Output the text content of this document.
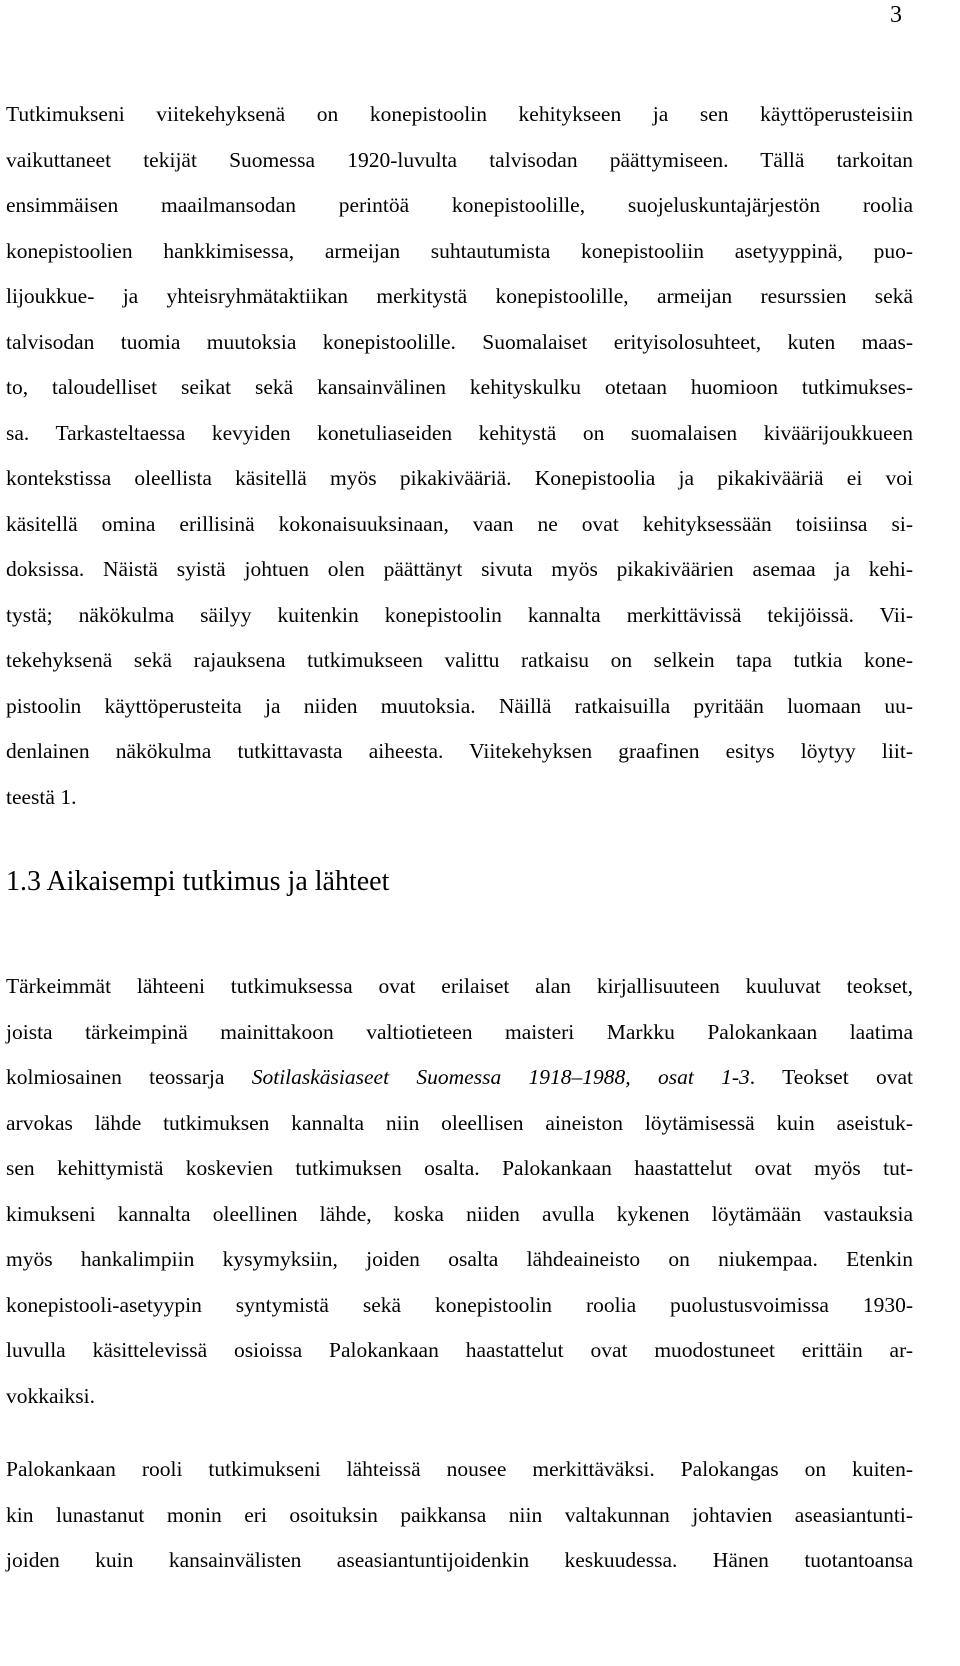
3
Tutkimukseni viitekehyksenä on konepistoolin kehitykseen ja sen käyttöperusteisiin
vaikuttaneet tekijät Suomessa 1920-luvulta talvisodan päättymiseen. Tällä tarkoitan
ensimmäisen maailmansodan perintöä konepistoolille, suojeluskuntajärjestön roolia
konepistoolien hankkimisessa, armeijan suhtautumista konepistooliin asetyyppinä, puo-
lijoukkue- ja yhteisryhmätaktiikan merkitystä konepistoolille, armeijan resurssien sekä
talvisodan tuomia muutoksia konepistoolille. Suomalaiset erityisolosuhteet, kuten maas-
to, taloudelliset seikat sekä kansainvälinen kehityskulku otetaan huomioon tutkimukses-
sa. Tarkasteltaessa kevyiden konetuliaseiden kehitystä on suomalaisen kiväärijoukkueen
kontekstissa oleellista käsitellä myös pikakivääriä. Konepistoolia ja pikakivääriä ei voi
käsitellä omina erillisinä kokonaisuuksinaan, vaan ne ovat kehityksessään toisiinsa si-
doksissa. Näistä syistä johtuen olen päättänyt sivuta myös pikakiväärien asemaa ja kehi-
tystä; näkökulma säilyy kuitenkin konepistoolin kannalta merkittävissä tekijöissä. Vii-
tekehyksenä sekä rajauksena tutkimukseen valittu ratkaisu on selkein tapa tutkia kone-
pistoolin käyttöperusteita ja niiden muutoksia. Näillä ratkaisuilla pyritään luomaan uu-
denlainen näkökulma tutkittavasta aiheesta. Viitekehyksen graafinen esitys löytyy liit-
teestä 1.
1.3 Aikaisempi tutkimus ja lähteet
Tärkeimmät lähteeni tutkimuksessa ovat erilaiset alan kirjallisuuteen kuuluvat teokset,
joista tärkeimpinä mainittakoon valtiotieteen maisteri Markku Palokankaan laatima
kolmiosainen teossarja Sotilaskäsiaseet Suomessa 1918–1988, osat 1-3. Teokset ovat
arvokas lähde tutkimuksen kannalta niin oleellisen aineiston löytämisessä kuin aseistuk-
sen kehittymistä koskevien tutkimuksen osalta. Palokankaan haastattelut ovat myös tut-
kimukseni kannalta oleellinen lähde, koska niiden avulla kykenen löytämään vastauksia
myös hankalimpiin kysymyksiin, joiden osalta lähdeaineisto on niukempaa. Etenkin
konepistooli-asetyypin syntymistä sekä konepistoolin roolia puolustusvoimissa 1930-
luvulla käsittelevissä osioissa Palokankaan haastattelut ovat muodostuneet erittäin ar-
vokkaiksi.
Palokankaan rooli tutkimukseni lähteissä nousee merkittäväksi. Palokangas on kuiten-
kin lunastanut monin eri osoituksin paikkansa niin valtakunnan johtavien aseasiantunti-
joiden kuin kansainvälisten aseasiantuntijoidenkin keskuudessa. Hänen tuotantoansa
